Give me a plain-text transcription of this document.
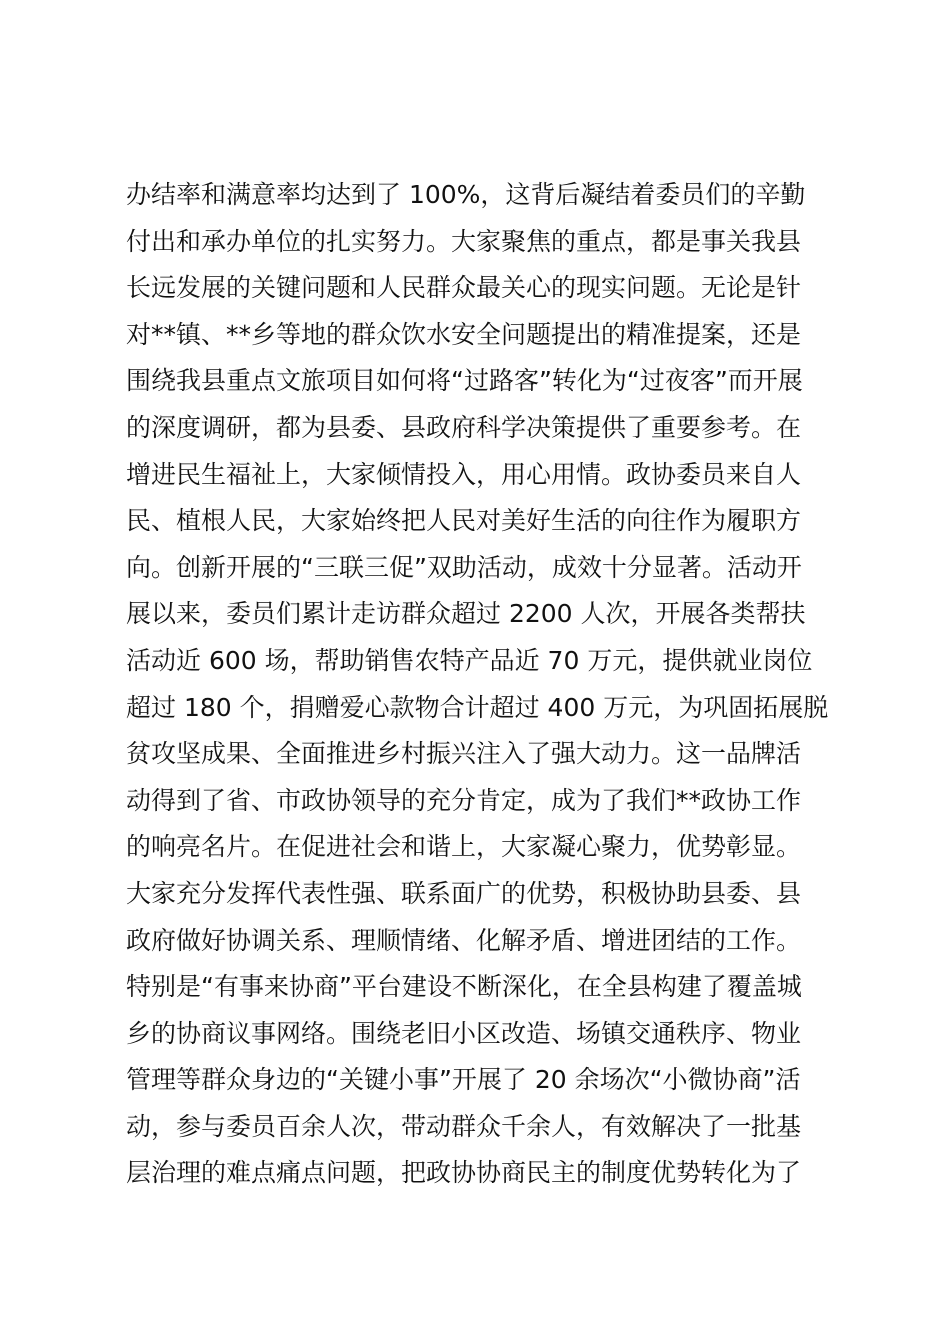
办结率和满意率均达到了 100%，这背后凝结着委员们的辛勤
付出和承办单位的扎实努力。大家聚焦的重点，都是事关我县
长远发展的关键问题和人民群众最关心的现实问题。无论是针
对**镇、**乡等地的群众饮水安全问题提出的精准提案，还是
围绕我县重点文旅项目如何将“过路客”转化为“过夜客”而开展
的深度调研，都为县委、县政府科学决策提供了重要参考。在
增进民生福祉上，大家倾情投入，用心用情。政协委员来自人
民、植根人民，大家始终把人民对美好生活的向往作为履职方
向。创新开展的“三联三促”双助活动，成效十分显著。活动开
展以来，委员们累计走访群众超过 2200 人次，开展各类帮扶
活动近 600 场，帮助销售农特产品近 70 万元，提供就业岗位
超过 180 个，捐赠爱心款物合计超过 400 万元，为巩固拓展脱
贫攻坚成果、全面推进乡村振兴注入了强大动力。这一品牌活
动得到了省、市政协领导的充分肯定，成为了我们**政协工作
的响亮名片。在促进社会和谐上，大家凝心聚力，优势彰显。
大家充分发挥代表性强、联系面广的优势，积极协助县委、县
政府做好协调关系、理顺情绪、化解矛盾、增进团结的工作。
特别是“有事来协商”平台建设不断深化，在全县构建了覆盖城
乡的协商议事网络。围绕老旧小区改造、场镇交通秩序、物业
管理等群众身边的“关键小事”开展了 20 余场次“小微协商”活
动，参与委员百余人次，带动群众千余人，有效解决了一批基
层治理的难点痛点问题，把政协协商民主的制度优势转化为了
